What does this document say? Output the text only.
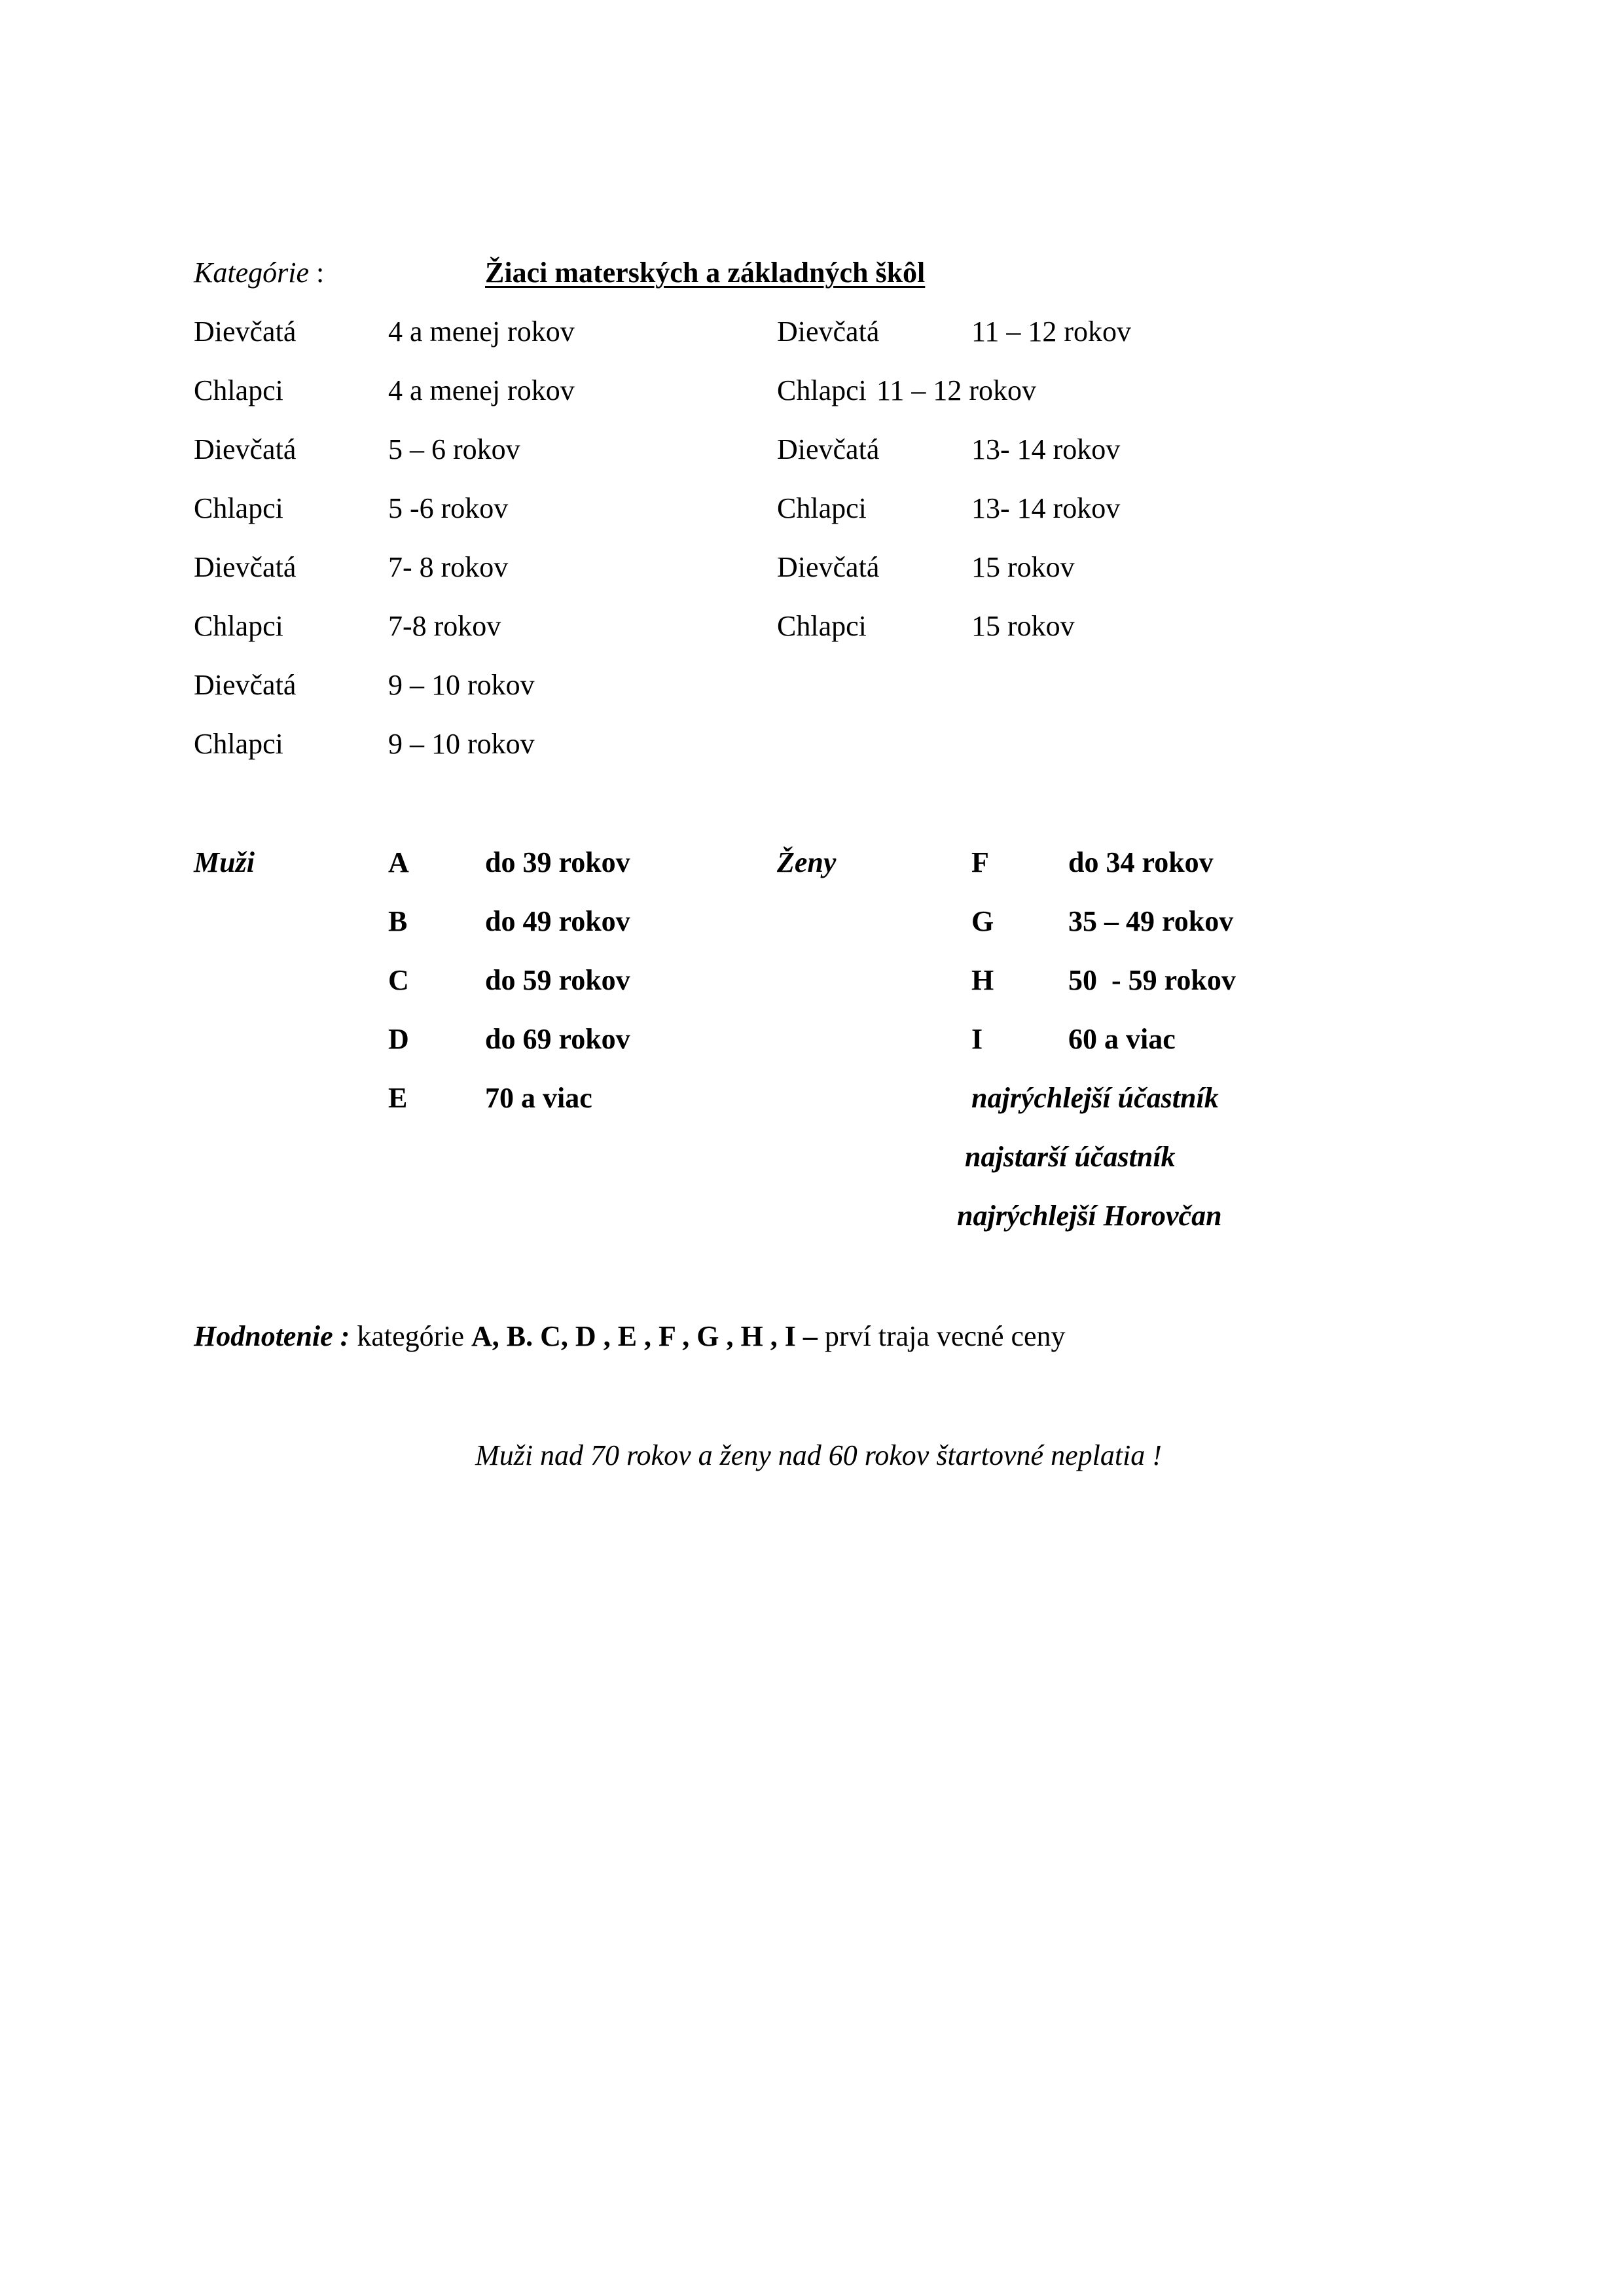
Kategórie :	Žiaci materských a základných škôl
Dievčatá	4 a menej rokov
Chlapci	4 a menej rokov
Dievčatá	5 – 6 rokov
Chlapci	5 -6 rokov
Dievčatá	7- 8 rokov
Chlapci	7-8 rokov
Dievčatá	9 – 10 rokov
Chlapci	9 – 10 rokov
Dievčatá	11 – 12 rokov
Chlapci 11 – 12 rokov
Dievčatá	13- 14 rokov
Chlapci	13- 14 rokov
Dievčatá	15 rokov
Chlapci	15 rokov
Muži	A	do 39 rokov
B	do 49 rokov
C	do 59 rokov
D	do 69 rokov
E	70 a viac
Ženy	F	do 34 rokov
G	35 – 49 rokov
H	50  - 59 rokov
I	60 a viac
najrýchlejší účastník
najstarší účastník
najrýchlejší Horovčan
Hodnotenie : kategórie A, B. C, D , E , F , G , H , I – prví traja vecné ceny
Muži nad 70 rokov a ženy nad 60 rokov štartovné neplatia !
